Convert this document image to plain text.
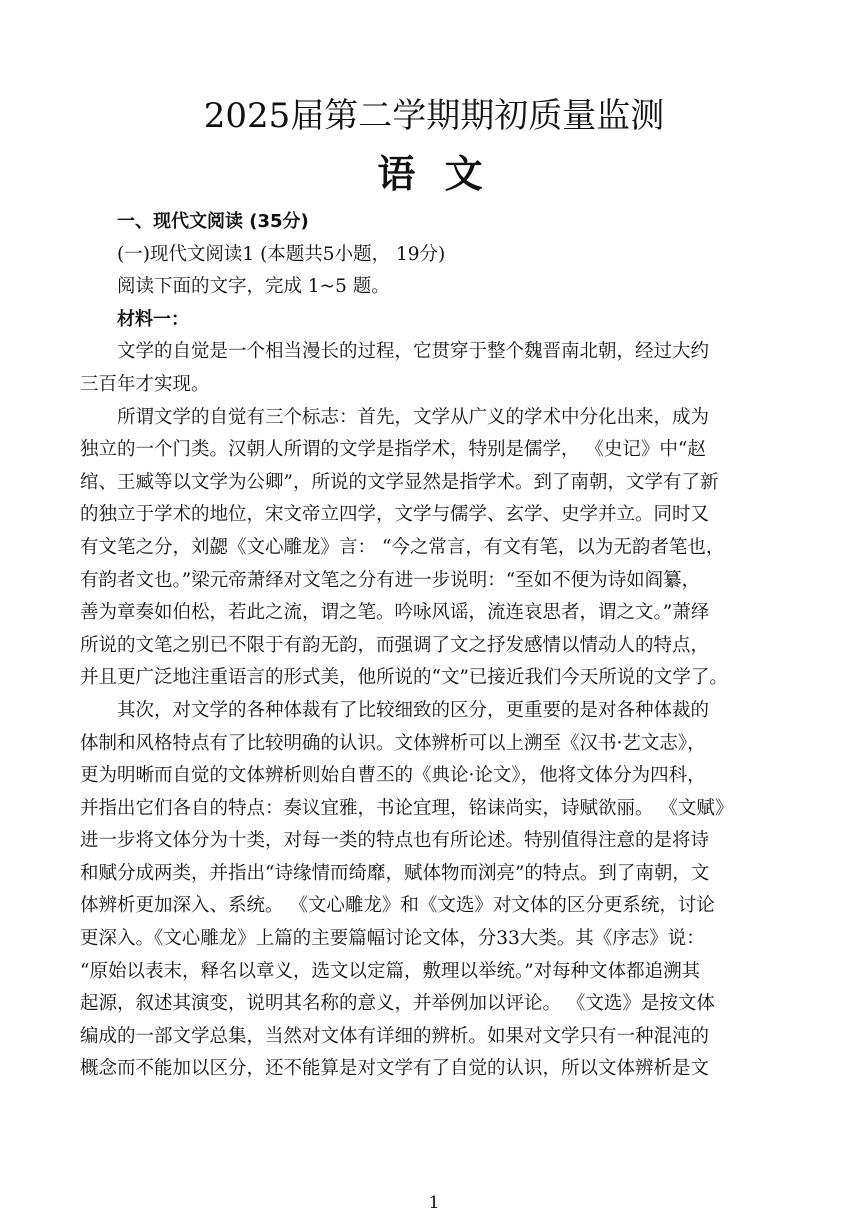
2025届第二学期期初质量监测
语 文
一、现代文阅读 (35分)
(一)现代文阅读1 (本题共5小题， 19分)
阅读下面的文字，完成 1~5 题。
材料一：
文学的自觉是一个相当漫长的过程，它贯穿于整个魏晋南北朝，经过大约
三百年才实现。
所谓文学的自觉有三个标志：首先，文学从广义的学术中分化出来，成为
独立的一个门类。汉朝人所谓的文学是指学术，特别是儒学， 《史记》中“赵
绾、王臧等以文学为公卿”，所说的文学显然是指学术。到了南朝，文学有了新
的独立于学术的地位，宋文帝立四学，文学与儒学、玄学、史学并立。同时又
有文笔之分，刘勰《文心雕龙》言： “今之常言，有文有笔，以为无韵者笔也，
有韵者文也。”梁元帝萧绎对文笔之分有进一步说明：“至如不便为诗如阎纂，
善为章奏如伯松，若此之流，谓之笔。吟咏风谣，流连哀思者，谓之文。”萧绎
所说的文笔之别已不限于有韵无韵，而强调了文之抒发感情以情动人的特点，
并且更广泛地注重语言的形式美，他所说的“文”已接近我们今天所说的文学了。
其次，对文学的各种体裁有了比较细致的区分，更重要的是对各种体裁的
体制和风格特点有了比较明确的认识。文体辨析可以上溯至《汉书·艺文志》，
更为明晰而自觉的文体辨析则始自曹丕的《典论·论文》，他将文体分为四科，
并指出它们各自的特点：奏议宜雅，书论宜理，铭诔尚实，诗赋欲丽。 《文赋》
进一步将文体分为十类，对每一类的特点也有所论述。特别值得注意的是将诗
和赋分成两类，并指出“诗缘情而绮靡，赋体物而浏亮”的特点。到了南朝，文
体辨析更加深入、系统。 《文心雕龙》和《文选》对文体的区分更系统，讨论
更深入。《文心雕龙》上篇的主要篇幅讨论文体，分33大类。其《序志》说：
“原始以表末，释名以章义，选文以定篇，敷理以举统。”对每种文体都追溯其
起源，叙述其演变，说明其名称的意义，并举例加以评论。 《文选》是按文体
编成的一部文学总集，当然对文体有详细的辨析。如果对文学只有一种混沌的
概念而不能加以区分，还不能算是对文学有了自觉的认识，所以文体辨析是文
1
